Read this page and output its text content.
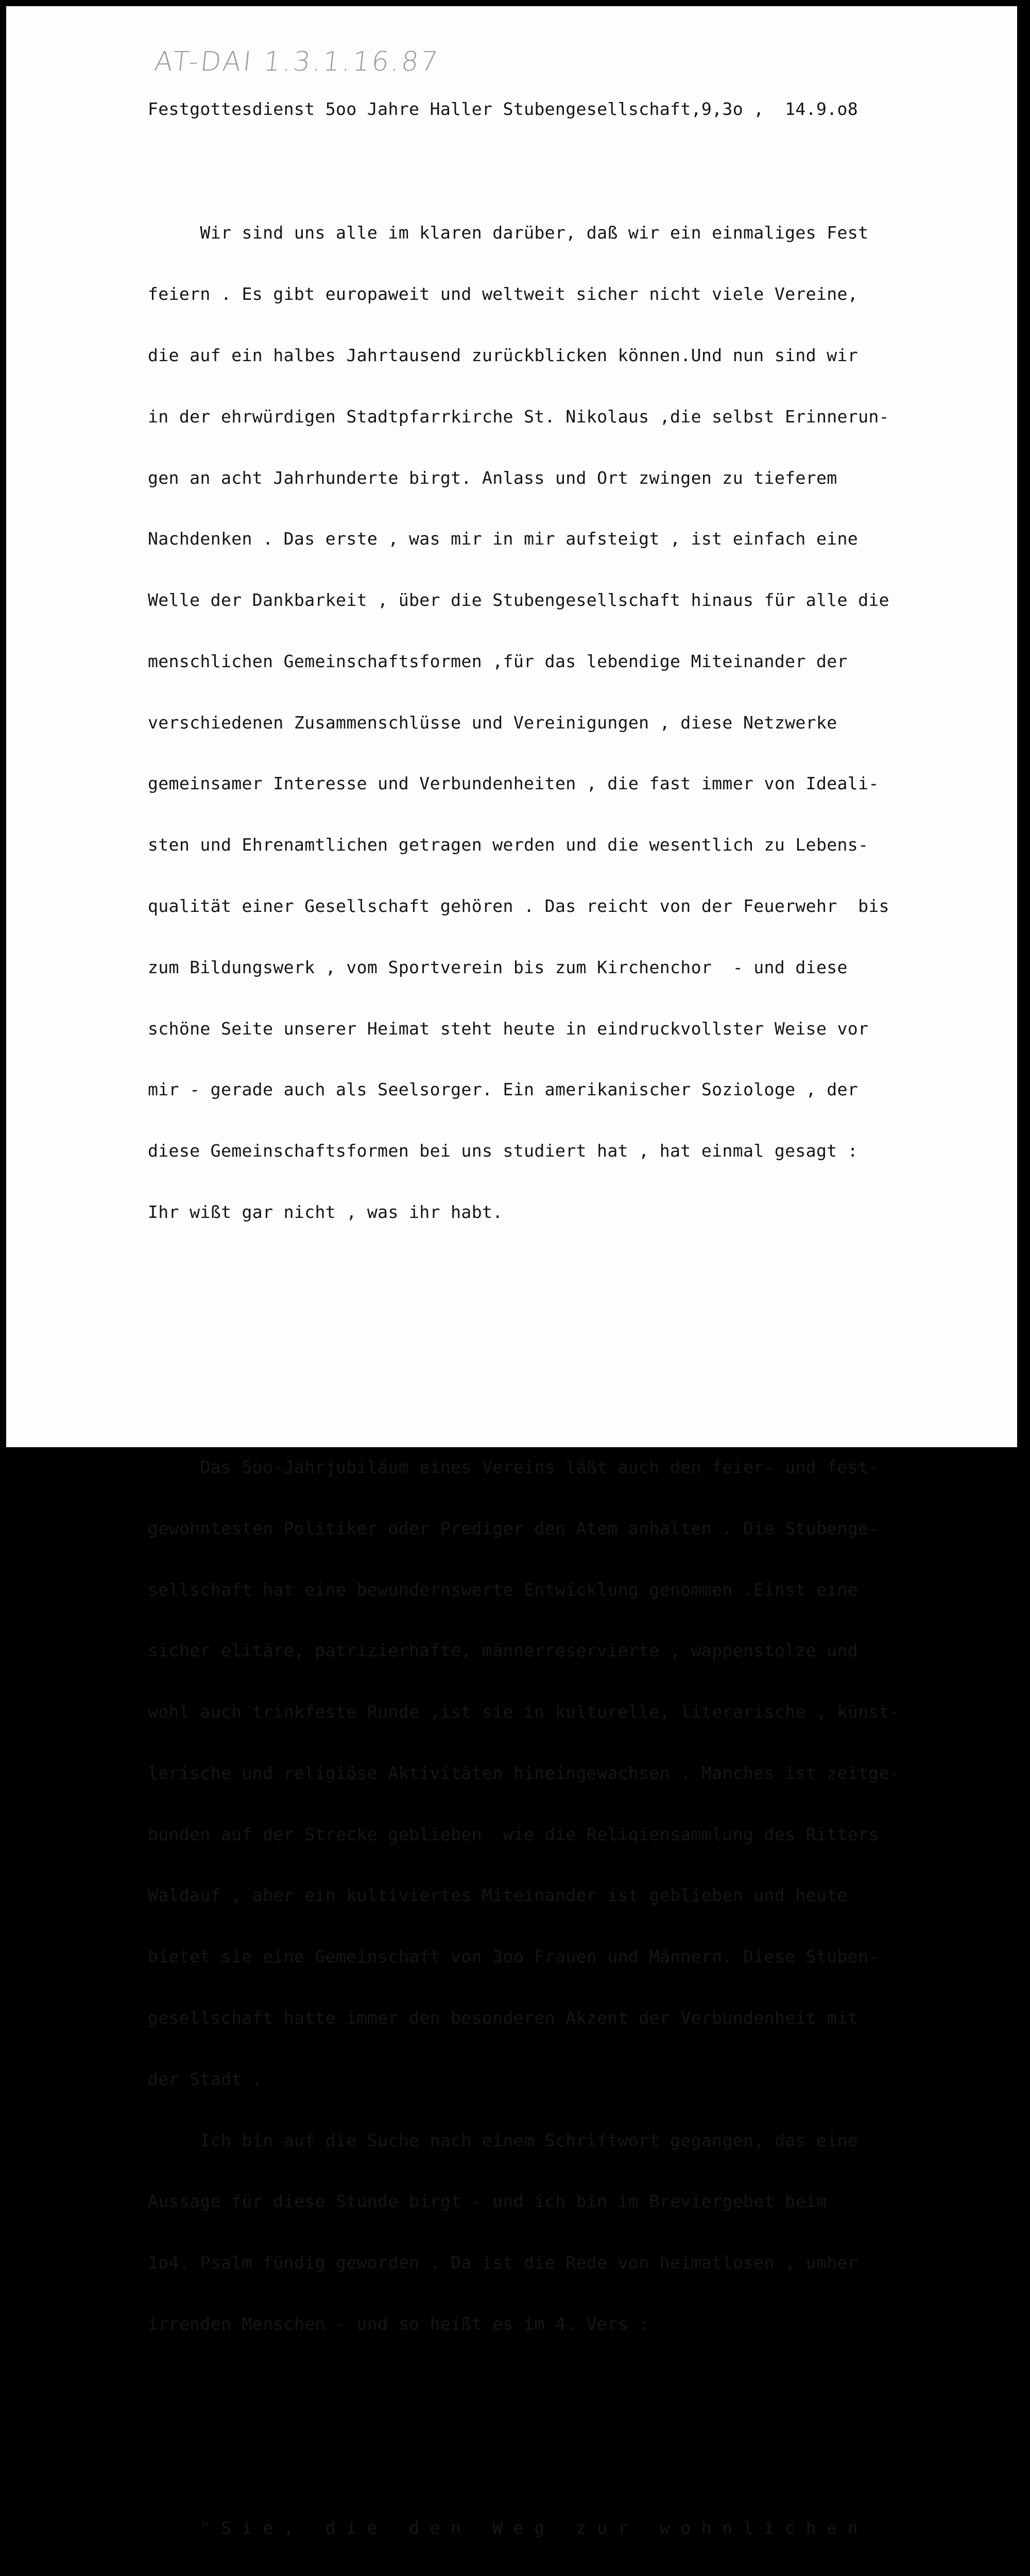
AT-DAI 1.3.1.16.87
Festgottesdienst 5oo Jahre Haller Stubengesellschaft,9,3o ,  14.9.o8

Wir sind uns alle im klaren darüber, daß wir ein einmaliges Fest

feiern . Es gibt europaweit und weltweit sicher nicht viele Vereine,

die auf ein halbes Jahrtausend zurückblicken können.Und nun sind wir

in der ehrwürdigen Stadtpfarrkirche St. Nikolaus ,die selbst Erinnerun-

gen an acht Jahrhunderte birgt. Anlass und Ort zwingen zu tieferem

Nachdenken . Das erste , was mir in mir aufsteigt , ist einfach eine

Welle der Dankbarkeit , über die Stubengesellschaft hinaus für alle die

menschlichen Gemeinschaftsformen ,für das lebendige Miteinander der

verschiedenen Zusammenschlüsse und Vereinigungen , diese Netzwerke

gemeinsamer Interesse und Verbundenheiten , die fast immer von Ideali-

sten und Ehrenamtlichen getragen werden und die wesentlich zu Lebens-

qualität einer Gesellschaft gehören . Das reicht von der Feuerwehr  bis

zum Bildungswerk , vom Sportverein bis zum Kirchenchor  - und diese

schöne Seite unserer Heimat steht heute in eindruckvollster Weise vor

mir - gerade auch als Seelsorger. Ein amerikanischer Soziologe , der

diese Gemeinschaftsformen bei uns studiert hat , hat einmal gesagt :

Ihr wißt gar nicht , was ihr habt.

Das 5oo-Jahrjubiläum eines Vereins läßt auch den feier- und fest-

gewohntesten Politiker oder Prediger den Atem anhalten . Die Stubenge-

sellschaft hat eine bewundernswerte Entwicklung genommen .Einst eine

sicher elitäre, patrizierhafte, männerreservierte , wappenstolze und

wohl auch trinkfeste Runde ,ist sie in kulturelle, literarische , künst-

lerische und religiöse Aktivitäten hineingewachsen . Manches ist zeitge-

bunden auf der Strecke geblieben  wie die Reliqiensammlung des Ritters

Waldauf , aber ein kultiviertes Miteinander ist geblieben und heute

bietet sie eine Gemeinschaft von 3oo Frauen und Männern. Diese Stuben-

gesellschaft hatte immer den besonderen Akzent der Verbundenheit mit

der Stadt .

Ich bin auf die Suche nach einem Schriftwort gegangen, das eine

Aussage für diese Stunde birgt - und ich bin im Breviergebet beim

1o4. Psalm fündig geworden . Da ist die Rede von heimatlosen , umher

irrenden Menschen - und so heißt es im 4. Vers :

" S i e ,   d i e   d e n   W e g   z u r   w o h n l i c h e n
